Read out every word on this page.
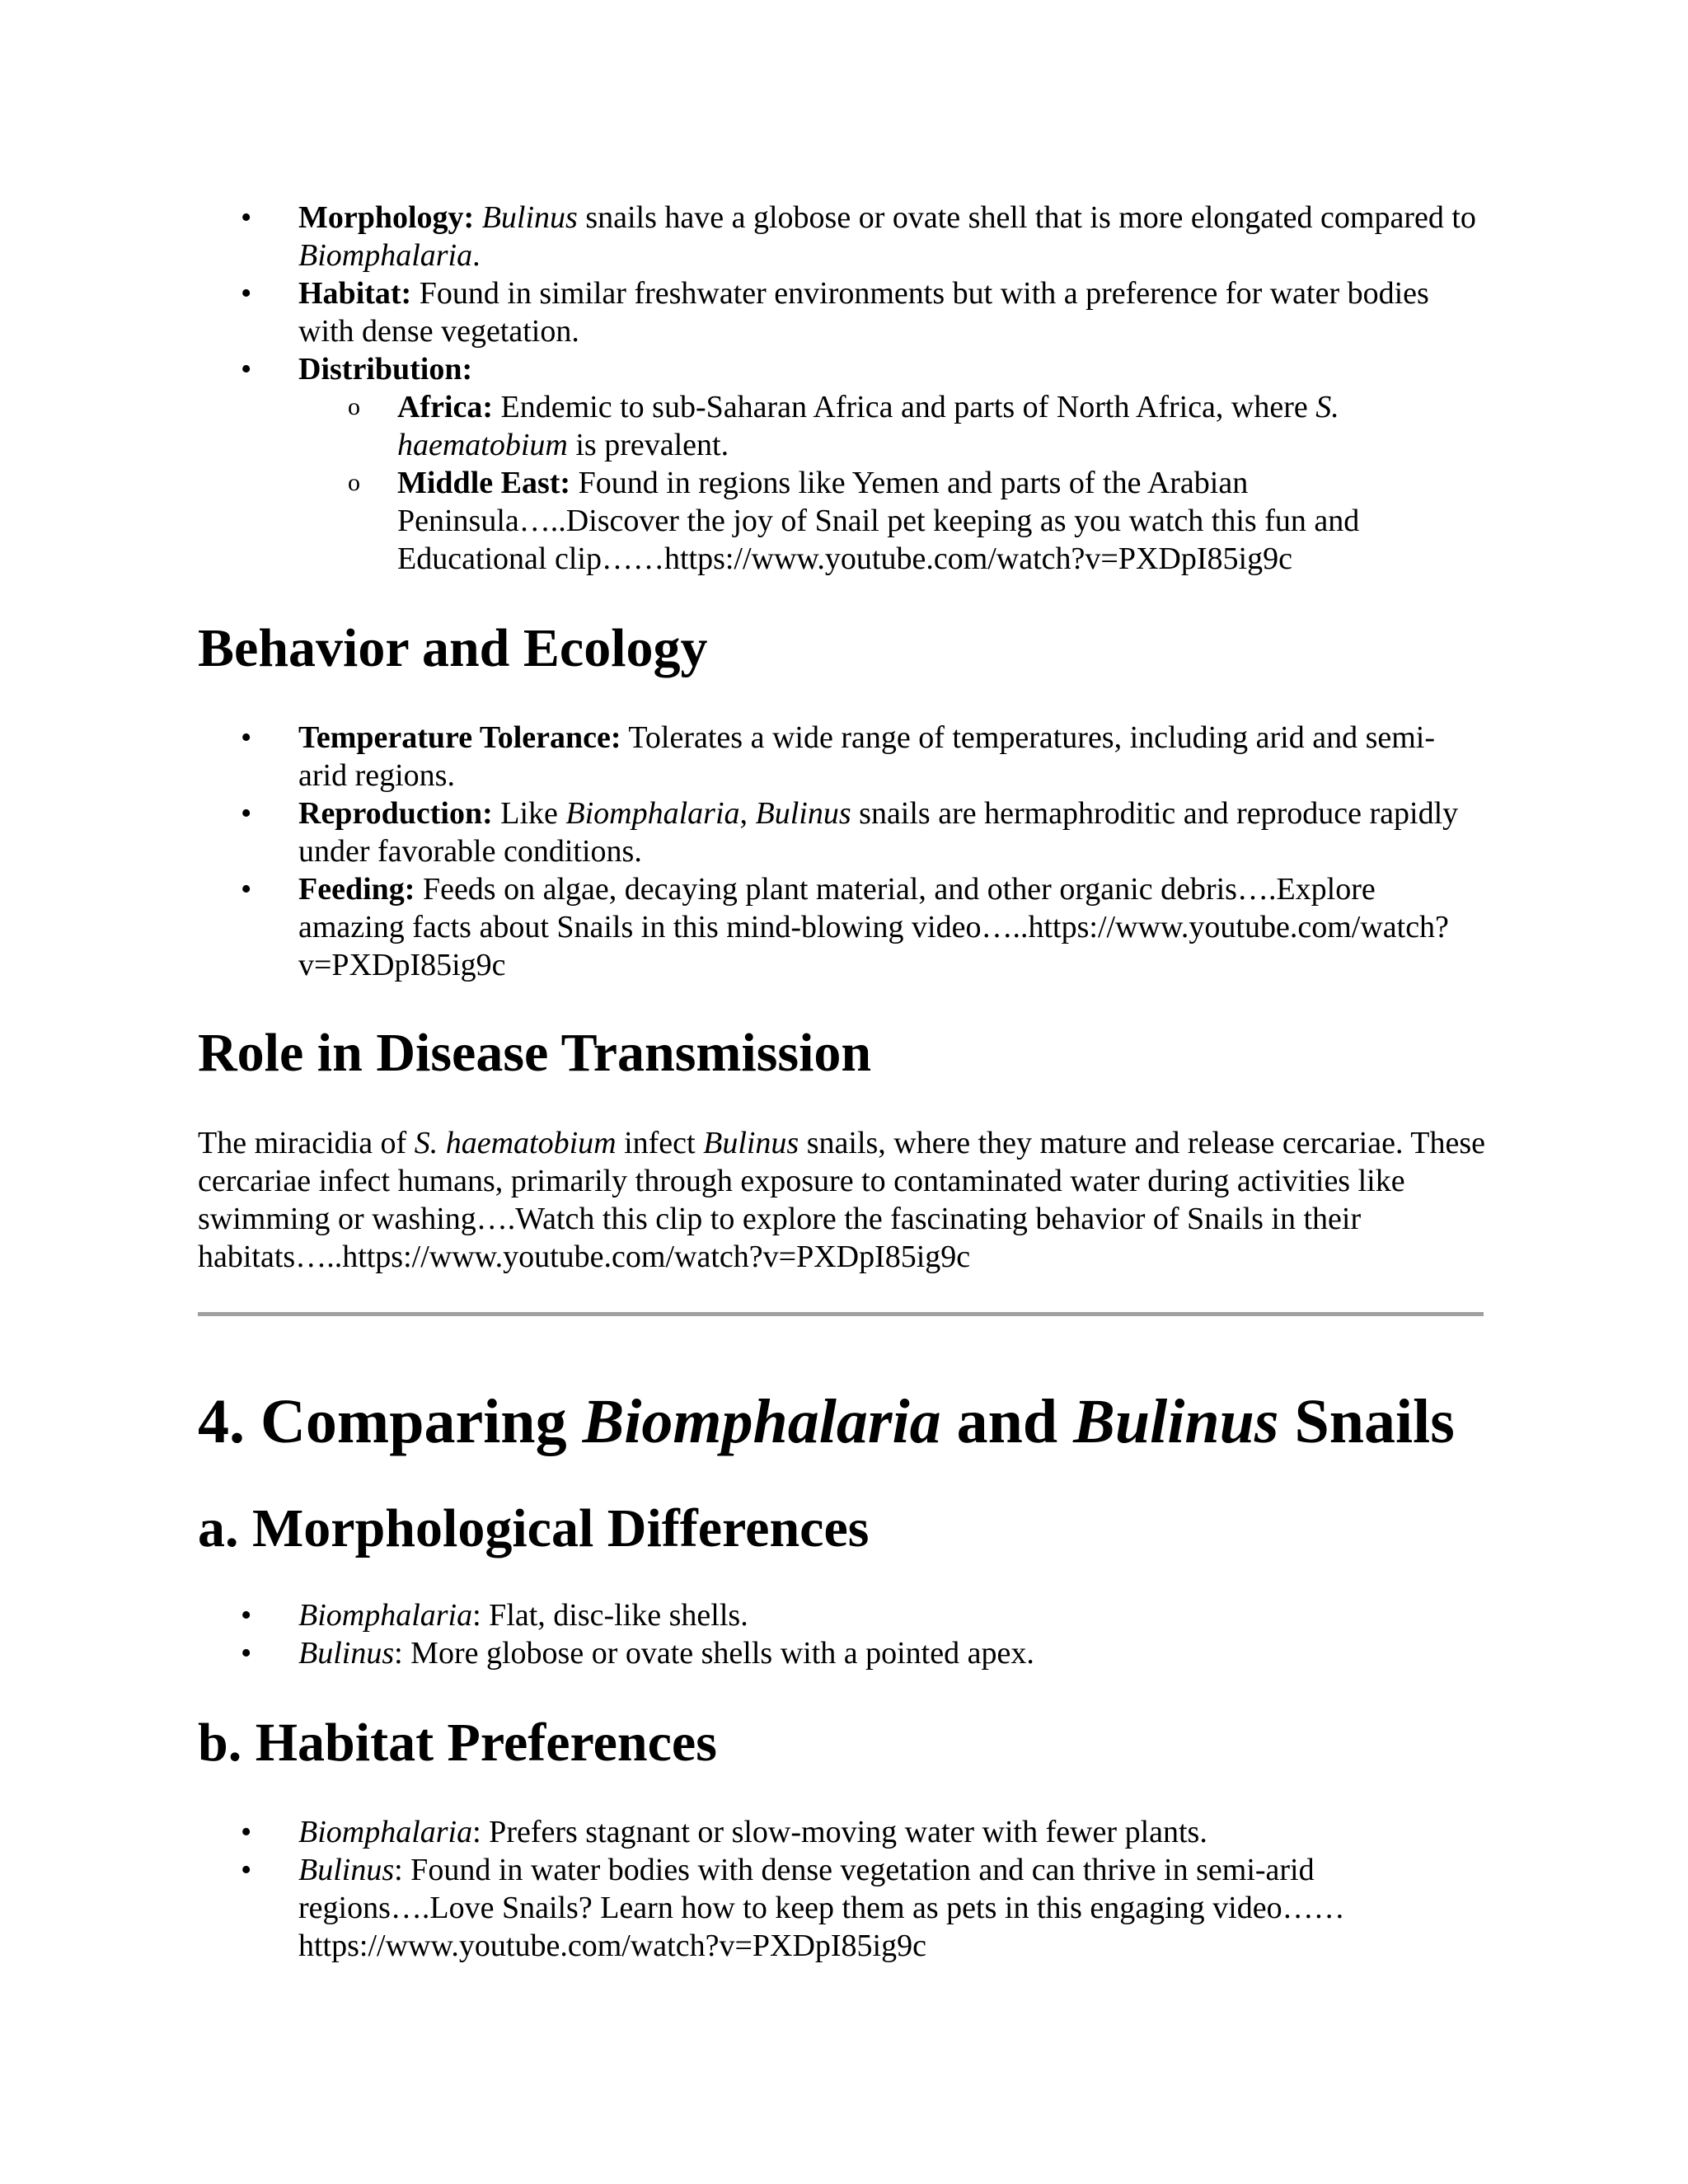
• Morphology: Bulinus snails have a globose or ovate shell that is more elongated compared to Biomphalaria.
• Habitat: Found in similar freshwater environments but with a preference for water bodies with dense vegetation.
• Distribution:
o Africa: Endemic to sub-Saharan Africa and parts of North Africa, where S. haematobium is prevalent.
o Middle East: Found in regions like Yemen and parts of the Arabian Peninsula…..Discover the joy of Snail pet keeping as you watch this fun and Educational clip……https://www.youtube.com/watch?v=PXDpI85ig9c
Behavior and Ecology
• Temperature Tolerance: Tolerates a wide range of temperatures, including arid and semi-arid regions.
• Reproduction: Like Biomphalaria, Bulinus snails are hermaphroditic and reproduce rapidly under favorable conditions.
• Feeding: Feeds on algae, decaying plant material, and other organic debris….Explore amazing facts about Snails in this mind-blowing video…..https://www.youtube.com/watch?v=PXDpI85ig9c
Role in Disease Transmission

The miracidia of S. haematobium infect Bulinus snails, where they mature and release cercariae. These cercariae infect humans, primarily through exposure to contaminated water during activities like swimming or washing….Watch this clip to explore the fascinating behavior of Snails in their habitats…..https://www.youtube.com/watch?v=PXDpI85ig9c

4. Comparing Biomphalaria and Bulinus Snails
a. Morphological Differences
• Biomphalaria: Flat, disc-like shells.
• Bulinus: More globose or ovate shells with a pointed apex.
b. Habitat Preferences
• Biomphalaria: Prefers stagnant or slow-moving water with fewer plants.
• Bulinus: Found in water bodies with dense vegetation and can thrive in semi-arid regions….Love Snails? Learn how to keep them as pets in this engaging video…… https://www.youtube.com/watch?v=PXDpI85ig9c
